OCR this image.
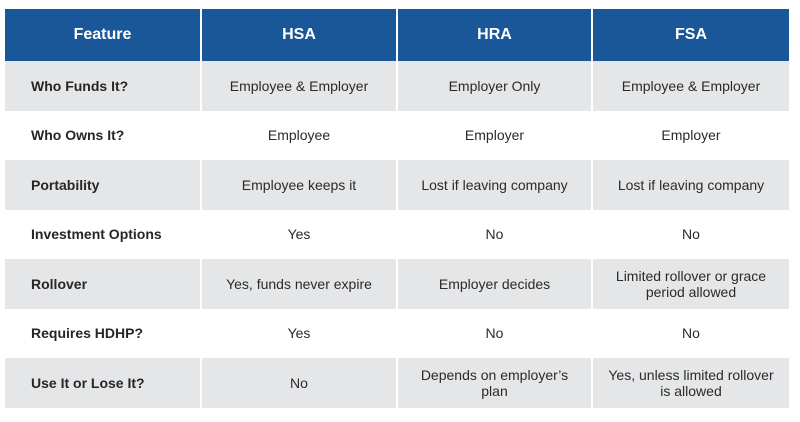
Feature	HSA	HRA	FSA
Who Funds It?	Employee & Employer	Employer Only	Employee & Employer
Who Owns It?	Employee	Employer	Employer
Portability	Employee keeps it	Lost if leaving company	Lost if leaving company
Investment Options	Yes	No	No
Rollover	Yes, funds never expire	Employer decides	Limited rollover or grace period allowed
Requires HDHP?	Yes	No	No
Use It or Lose It?	No	Depends on employer’s plan	Yes, unless limited rollover is allowed
